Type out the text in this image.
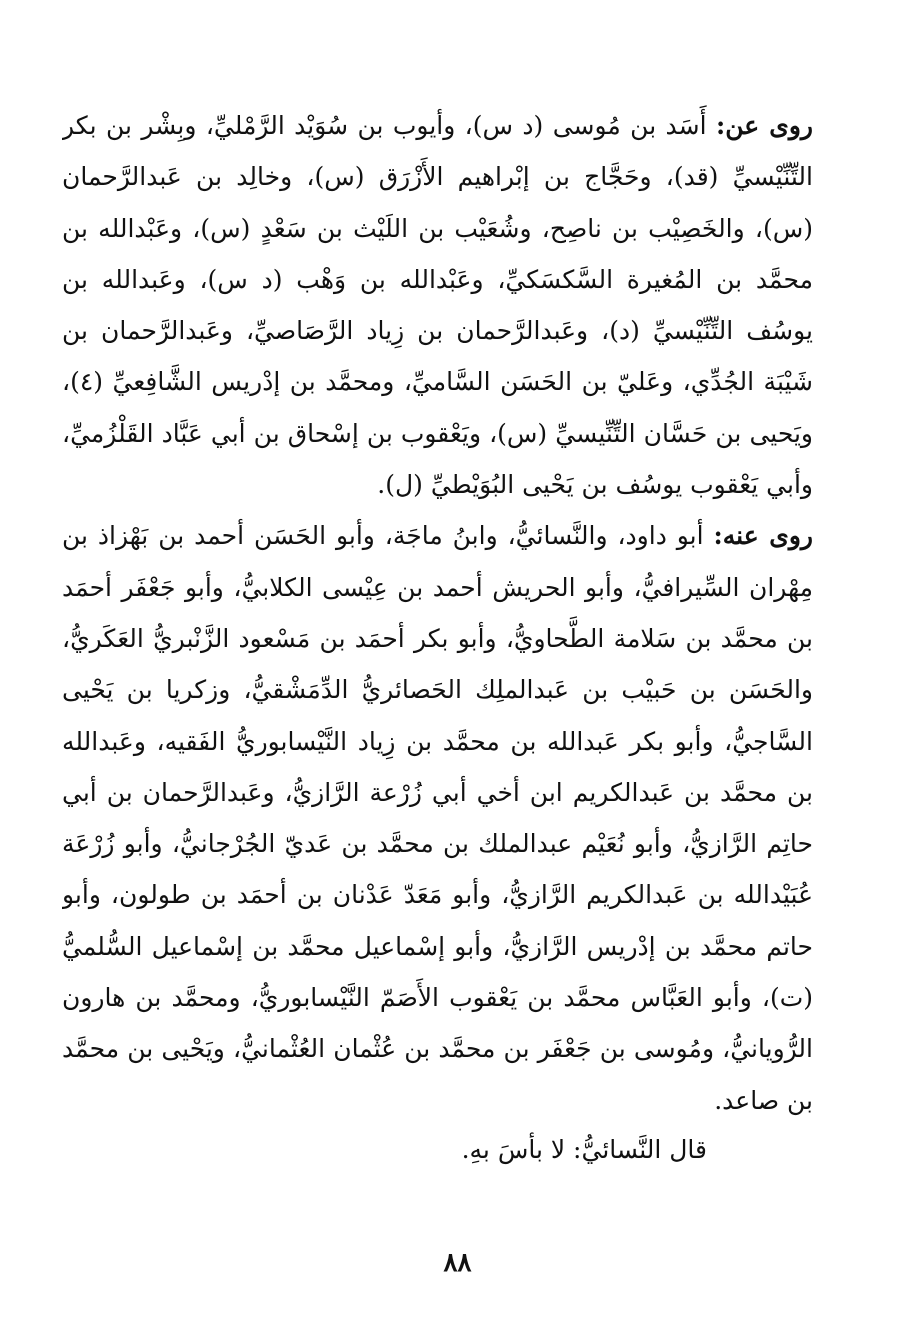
روى عن: أَسَد بن مُوسى (د س)، وأيوب بن سُوَيْد الرَّمْليِّ، وبِشْر بن بكر التِّنِّيْسيِّ (قد)، وحَجَّاج بن إبْراهيم الأَزْرَق (س)، وخالِد بن عَبدالرَّحمان (س)، والخَصِيْب بن ناصِح، وشُعَيْب بن اللَيْث بن سَعْدٍ (س)، وعَبْدالله بن محمَّد بن المُغيرة السَّكسَكيِّ، وعَبْدالله بن وَهْب (د س)، وعَبدالله بن يوسُف التِّنِّيْسيِّ (د)، وعَبدالرَّحمان بن زِياد الرَّصَاصيِّ، وعَبدالرَّحمان بن شَيْبَة الجُدِّي، وعَليّ بن الحَسَن السَّاميِّ، ومحمَّد بن إدْريس الشَّافِعيِّ (٤)، ويَحيى بن حَسَّان التِّنِّيسيِّ (س)، ويَعْقوب بن إسْحاق بن أبي عَبَّاد القَلْزُميِّ، وأبي يَعْقوب يوسُف بن يَحْيى البُوَيْطيِّ (ل).

روى عنه: أبو داود، والنَّسائيُّ، وابنُ ماجَة، وأبو الحَسَن أحمد بن بَهْزاذ بن مِهْران السِّيرافيُّ، وأبو الحريش أحمد بن عِيْسى الكلابيُّ، وأبو جَعْفَر أحمَد بن محمَّد بن سَلامة الطَّحاويُّ، وأبو بكر أحمَد بن مَسْعود الزَّنْبريُّ العَكَريُّ، والحَسَن بن حَبيْب بن عَبدالملِك الحَصائريُّ الدِّمَشْقيُّ، وزكريا بن يَحْيى السَّاجيُّ، وأبو بكر عَبدالله بن محمَّد بن زِياد النَّيْسابوريُّ الفَقيه، وعَبدالله بن محمَّد بن عَبدالكريم ابن أخي أبي زُرْعة الرَّازيُّ، وعَبدالرَّحمان بن أبي حاتِم الرَّازيُّ، وأبو نُعَيْم عبدالملك بن محمَّد بن عَديّ الجُرْجانيُّ، وأبو زُرْعَة عُبَيْدالله بن عَبدالكريم الرَّازيُّ، وأبو مَعَدّ عَدْنان بن أحمَد بن طولون، وأبو حاتم محمَّد بن إدْريس الرَّازيُّ، وأبو إسْماعيل محمَّد بن إسْماعيل السُّلميُّ (ت)، وأبو العَبَّاس محمَّد بن يَعْقوب الأَصَمّ النَّيْسابوريُّ، ومحمَّد بن هارون الرُّويانيُّ، ومُوسى بن جَعْفَر بن محمَّد بن عُثْمان العُثْمانيُّ، ويَحْيى بن محمَّد بن صاعد.

قال النَّسائيُّ: لا بأسَ بهِ.

٨٨
